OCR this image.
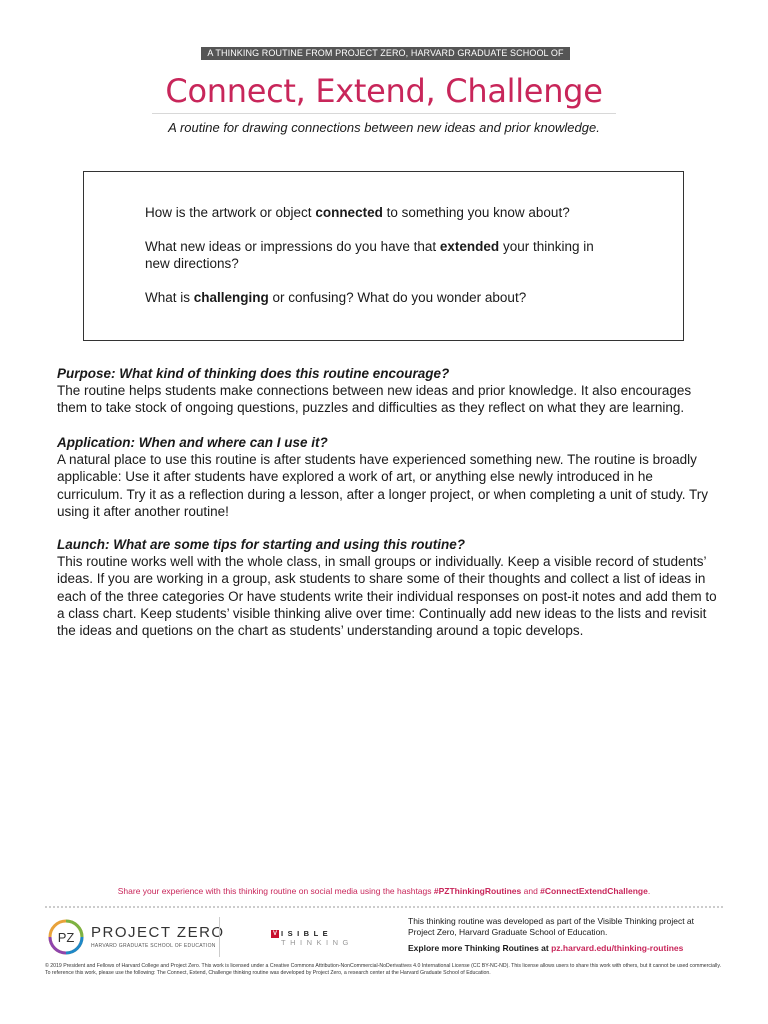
A THINKING ROUTINE FROM PROJECT ZERO, HARVARD GRADUATE SCHOOL OF EDUCATION
Connect, Extend, Challenge
A routine for drawing connections between new ideas and prior knowledge.
How is the artwork or object connected to something you know about?
What new ideas or impressions do you have that extended your thinking in new directions?
What is challenging or confusing? What do you wonder about?
Purpose: What kind of thinking does this routine encourage?
The routine helps students make connections between new ideas and prior knowledge. It also encourages them to take stock of ongoing questions, puzzles and difficulties as they reflect on what they are learning.
Application: When and where can I use it?
A natural place to use this routine is after students have experienced something new. The routine is broadly applicable: Use it after students have explored a work of art, or anything else newly introduced in he curriculum. Try it as a reflection during a lesson, after a longer project, or when completing a unit of study. Try using it after another routine!
Launch: What are some tips for starting and using this routine?
This routine works well with the whole class, in small groups or individually. Keep a visible record of students’ ideas. If you are working in a group, ask students to share some of their thoughts and collect a list of ideas in each of the three categories Or have students write their individual responses on post-it notes and add them to a class chart. Keep students’ visible thinking alive over time: Continually add new ideas to the lists and revisit the ideas and quetions on the chart as students’ understanding around a topic develops.
Share your experience with this thinking routine on social media using the hashtags #PZThinkingRoutines and #ConnectExtendChallenge.
PZ PROJECT ZERO
HARVARD GRADUATE SCHOOL OF EDUCATION
V $^{ISIBLE}$
THINKING
This thinking routine was developed as part of the Visible Thinking project at Project Zero, Harvard Graduate School of Education.
Explore more Thinking Routines at pz.harvard.edu/thinking-routines
© 2019 President and Fellows of Harvard College and Project Zero. This work is licensed under a Creative Commons Attribution-NonCommercial-NoDerivatives 4.0 International License (CC BY-NC-ND). This license allows users to share this work with others, but it cannot be used commercially. To reference this work, please use the following: The Connect, Extend, Challenge thinking routine was developed by Project Zero, a research center at the Harvard Graduate School of Education.
